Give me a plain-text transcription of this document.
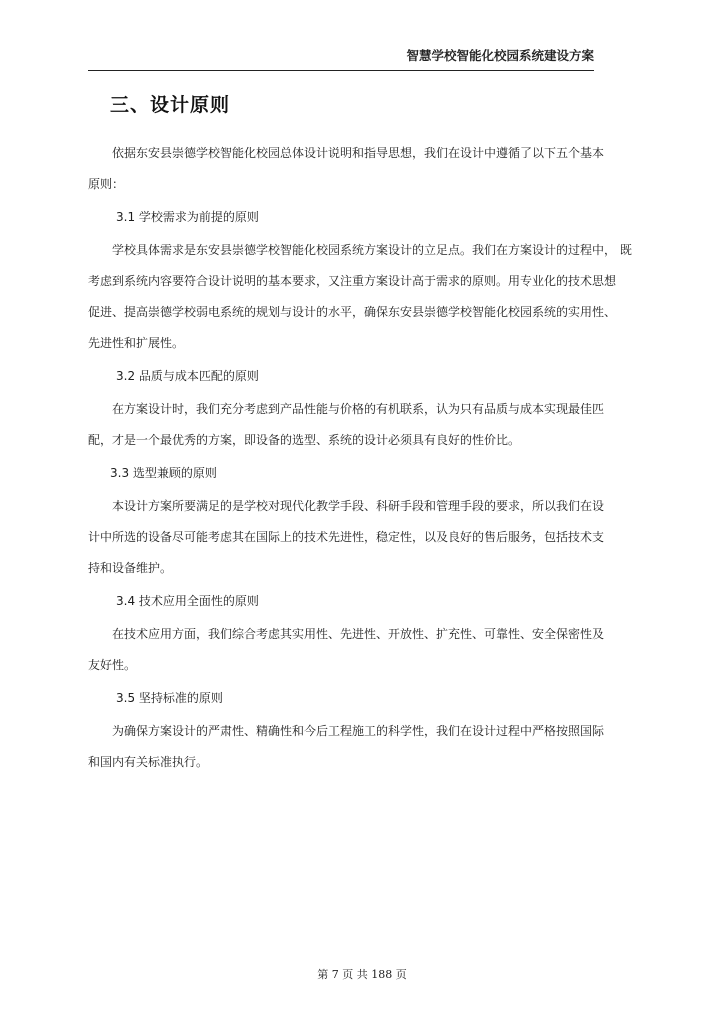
智慧学校智能化校园系统建设方案
三、设计原则

依据东安县崇德学校智能化校园总体设计说明和指导思想，我们在设计中遵循了以下五个基本
原则：

3.1 学校需求为前提的原则

学校具体需求是东安县崇德学校智能化校园系统方案设计的立足点。我们在方案设计的过程中， 既
考虑到系统内容要符合设计说明的基本要求，又注重方案设计高于需求的原则。用专业化的技术思想
促进、提高崇德学校弱电系统的规划与设计的水平，确保东安县崇德学校智能化校园系统的实用性、
先进性和扩展性。

3.2 品质与成本匹配的原则

在方案设计时，我们充分考虑到产品性能与价格的有机联系，认为只有品质与成本实现最佳匹
配，才是一个最优秀的方案，即设备的选型、系统的设计必须具有良好的性价比。

3.3 选型兼顾的原则

本设计方案所要满足的是学校对现代化教学手段、科研手段和管理手段的要求，所以我们在设
计中所选的设备尽可能考虑其在国际上的技术先进性，稳定性，以及良好的售后服务，包括技术支
持和设备维护。

3.4 技术应用全面性的原则

在技术应用方面，我们综合考虑其实用性、先进性、开放性、扩充性、可靠性、安全保密性及
友好性。

3.5 坚持标准的原则

为确保方案设计的严肃性、精确性和今后工程施工的科学性，我们在设计过程中严格按照国际
和国内有关标准执行。

第 7 页 共 188 页
